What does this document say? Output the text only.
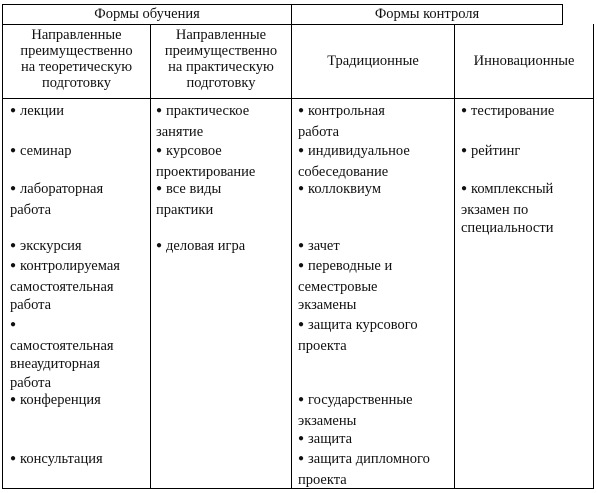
Формы обучения	Формы контроля
Направленные
преимущественно
на теоретическую
подготовку
Направленные
преимущественно
на практическую
подготовку
Традиционные	Инновационные
● лекции
● семинар
● лабораторная
работа
● экскурсия
● контролируемая
самостоятельная
работа
●
самостоятельная
внеаудиторная
работа
● конференция
● консультация
● практическое
занятие
● курсовое
проектирование
● все виды
практики
● деловая игра
● контрольная
работа
● индивидуальное
собеседование
● коллоквиум
● зачет
● переводные и
семестровые
экзамены
● защита курсового
проекта
● государственные
экзамены
● защита
● защита дипломного
проекта
● тестирование
● рейтинг
● комплексный
экзамен по
специальности
